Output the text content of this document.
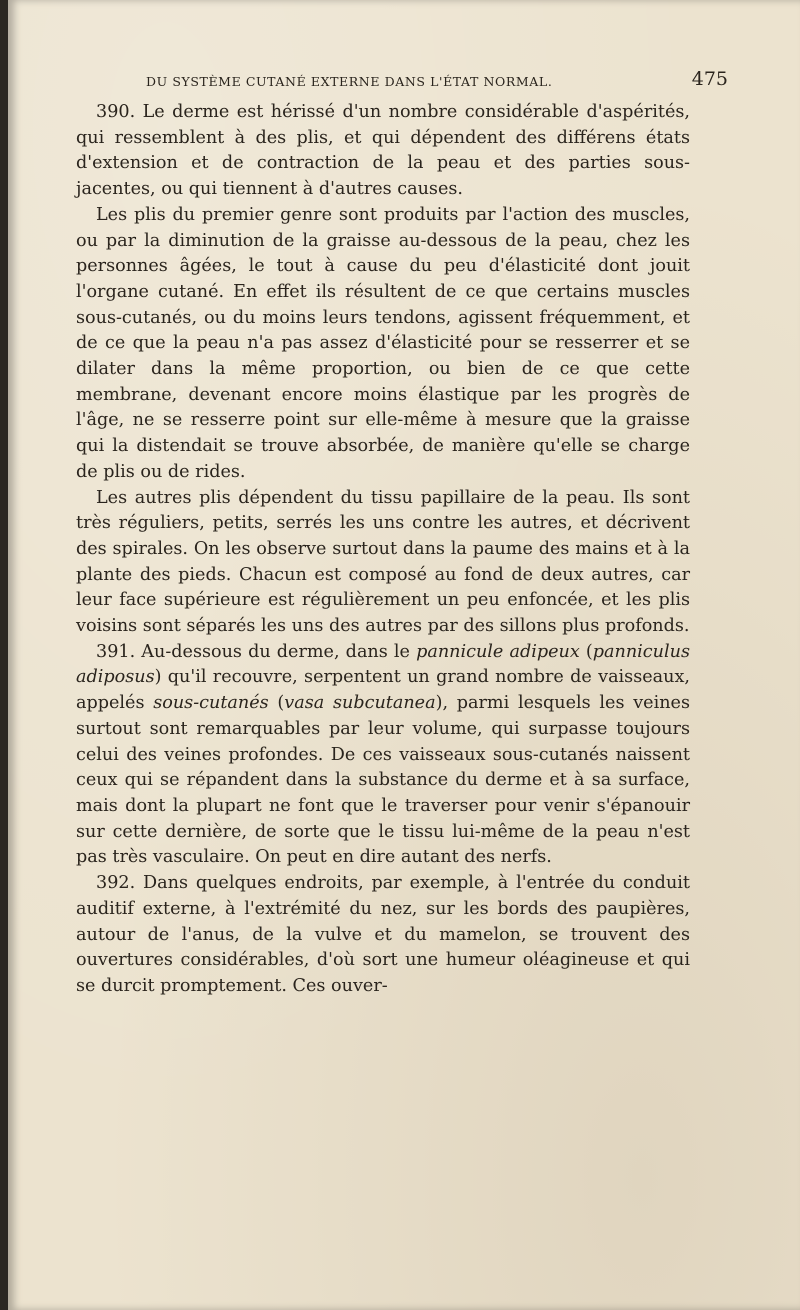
DU SYSTÈME CUTANÉ EXTERNE DANS L'ÉTAT NORMAL.	475

390. Le derme est hérissé d'un nombre considérable d'aspérités, qui ressemblent à des plis, et qui dépendent des différens états d'extension et de contraction de la peau et des parties sous-jacentes, ou qui tiennent à d'autres causes.

Les plis du premier genre sont produits par l'action des muscles, ou par la diminution de la graisse au-dessous de la peau, chez les personnes âgées, le tout à cause du peu d'élasticité dont jouit l'organe cutané. En effet ils résultent de ce que certains muscles sous-cutanés, ou du moins leurs tendons, agissent fréquemment, et de ce que la peau n'a pas assez d'élasticité pour se resserrer et se dilater dans la même proportion, ou bien de ce que cette membrane, devenant encore moins élastique par les progrès de l'âge, ne se resserre point sur elle-même à mesure que la graisse qui la distendait se trouve absorbée, de manière qu'elle se charge de plis ou de rides.

Les autres plis dépendent du tissu papillaire de la peau. Ils sont très réguliers, petits, serrés les uns contre les autres, et décrivent des spirales. On les observe surtout dans la paume des mains et à la plante des pieds. Chacun est composé au fond de deux autres, car leur face supérieure est régulièrement un peu enfoncée, et les plis voisins sont séparés les uns des autres par des sillons plus profonds.

391. Au-dessous du derme, dans le pannicule adipeux (panniculus adiposus) qu'il recouvre, serpentent un grand nombre de vaisseaux, appelés sous-cutanés (vasa subcutanea), parmi lesquels les veines surtout sont remarquables par leur volume, qui surpasse toujours celui des veines profondes. De ces vaisseaux sous-cutanés naissent ceux qui se répandent dans la substance du derme et à sa surface, mais dont la plupart ne font que le traverser pour venir s'épanouir sur cette dernière, de sorte que le tissu lui-même de la peau n'est pas très vasculaire. On peut en dire autant des nerfs.

392. Dans quelques endroits, par exemple, à l'entrée du conduit auditif externe, à l'extrémité du nez, sur les bords des paupières, autour de l'anus, de la vulve et du mamelon, se trouvent des ouvertures considérables, d'où sort une humeur oléagineuse et qui se durcit promptement. Ces ouver-
